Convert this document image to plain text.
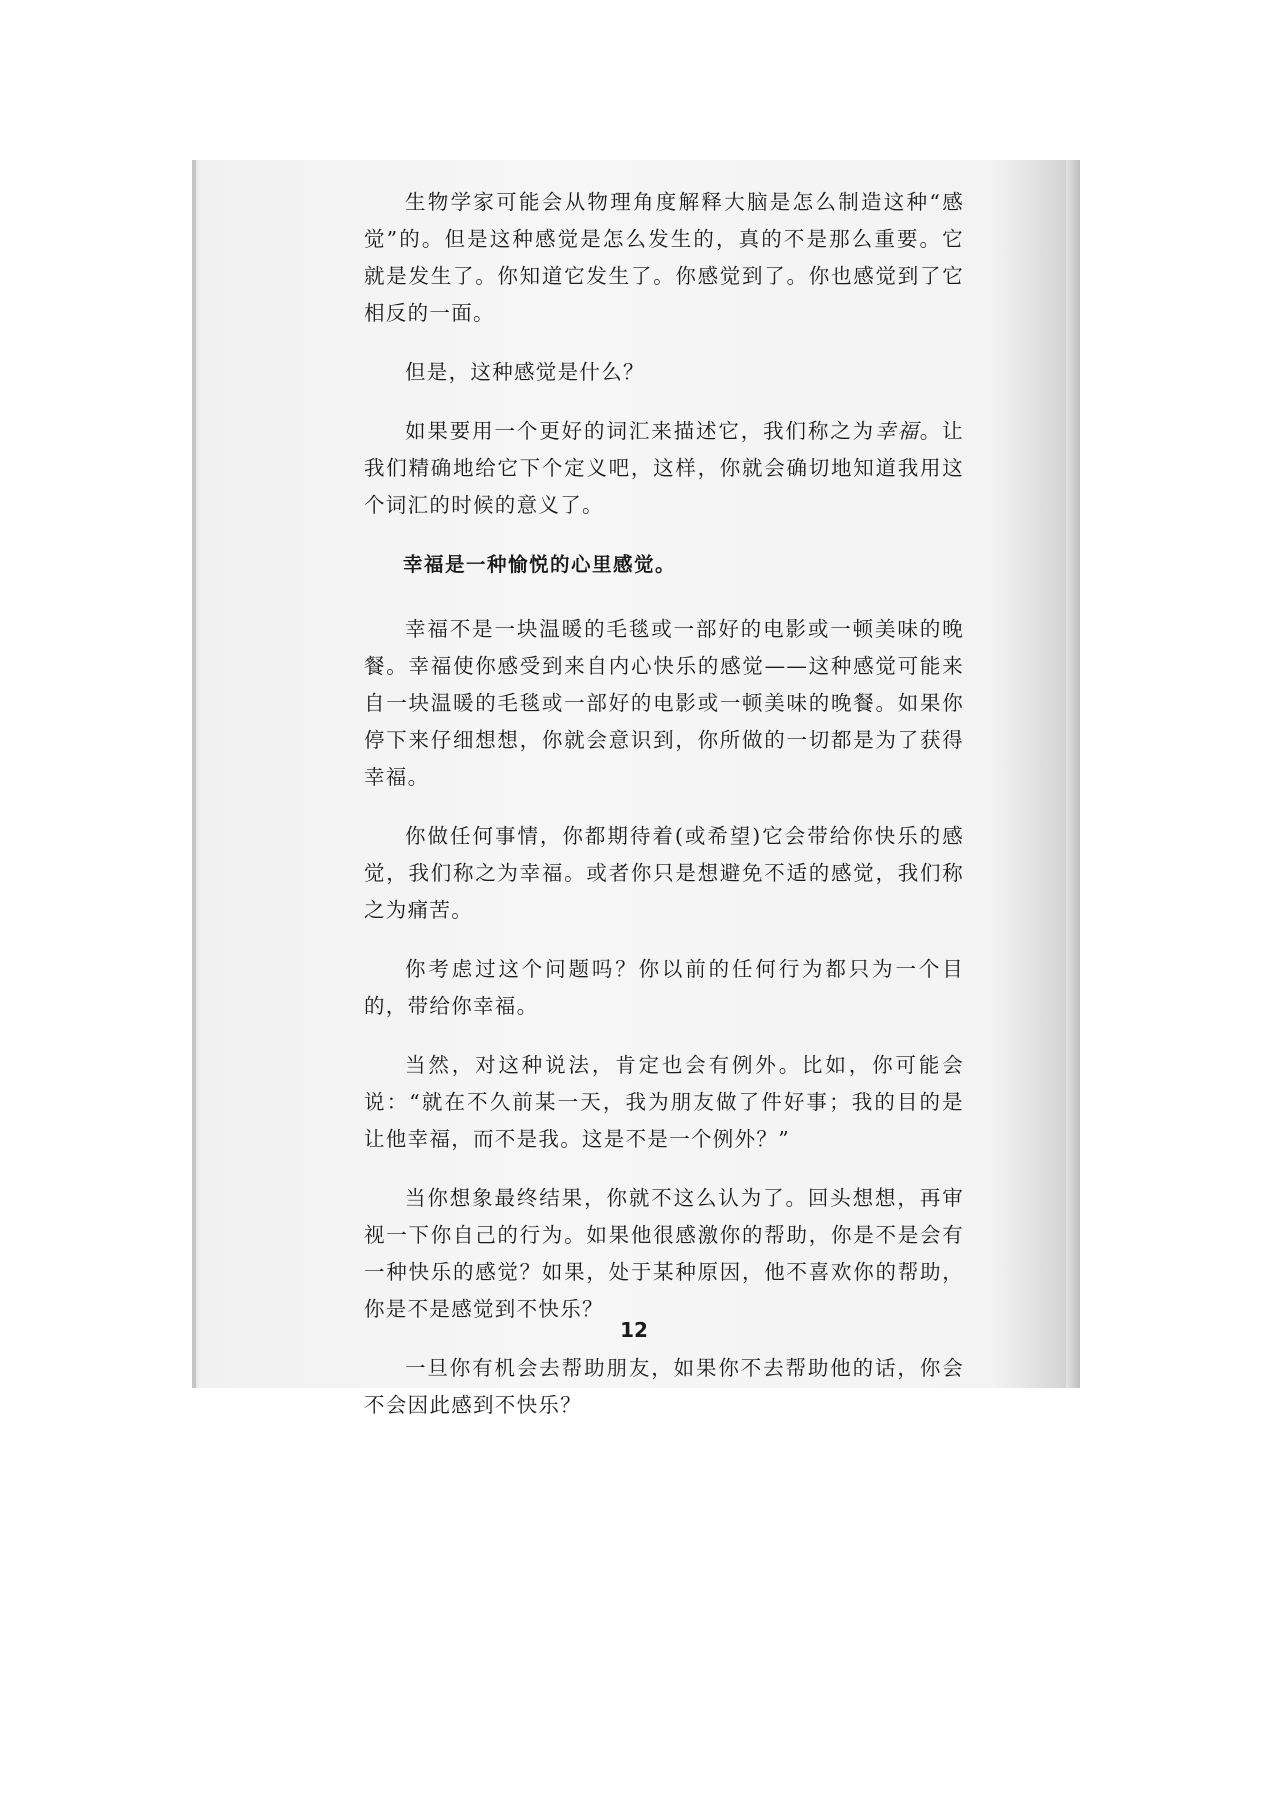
生物学家可能会从物理角度解释大脑是怎么制造这种“感觉”的。但是这种感觉是怎么发生的，真的不是那么重要。它就是发生了。你知道它发生了。你感觉到了。你也感觉到了它相反的一面。

但是，这种感觉是什么？

如果要用一个更好的词汇来描述它，我们称之为幸福。让我们精确地给它下个定义吧，这样，你就会确切地知道我用这个词汇的时候的意义了。

幸福是一种愉悦的心里感觉。

幸福不是一块温暖的毛毯或一部好的电影或一顿美味的晚餐。幸福使你感受到来自内心快乐的感觉——这种感觉可能来自一块温暖的毛毯或一部好的电影或一顿美味的晚餐。如果你停下来仔细想想，你就会意识到，你所做的一切都是为了获得幸福。

你做任何事情，你都期待着(或希望)它会带给你快乐的感觉，我们称之为幸福。或者你只是想避免不适的感觉，我们称之为痛苦。

你考虑过这个问题吗？你以前的任何行为都只为一个目的，带给你幸福。

当然，对这种说法，肯定也会有例外。比如，你可能会说：“就在不久前某一天，我为朋友做了件好事；我的目的是让他幸福，而不是我。这是不是一个例外？”

当你想象最终结果，你就不这么认为了。回头想想，再审视一下你自己的行为。如果他很感激你的帮助，你是不是会有一种快乐的感觉？如果，处于某种原因，他不喜欢你的帮助，你是不是感觉到不快乐？

一旦你有机会去帮助朋友，如果你不去帮助他的话，你会不会因此感到不快乐？

12
